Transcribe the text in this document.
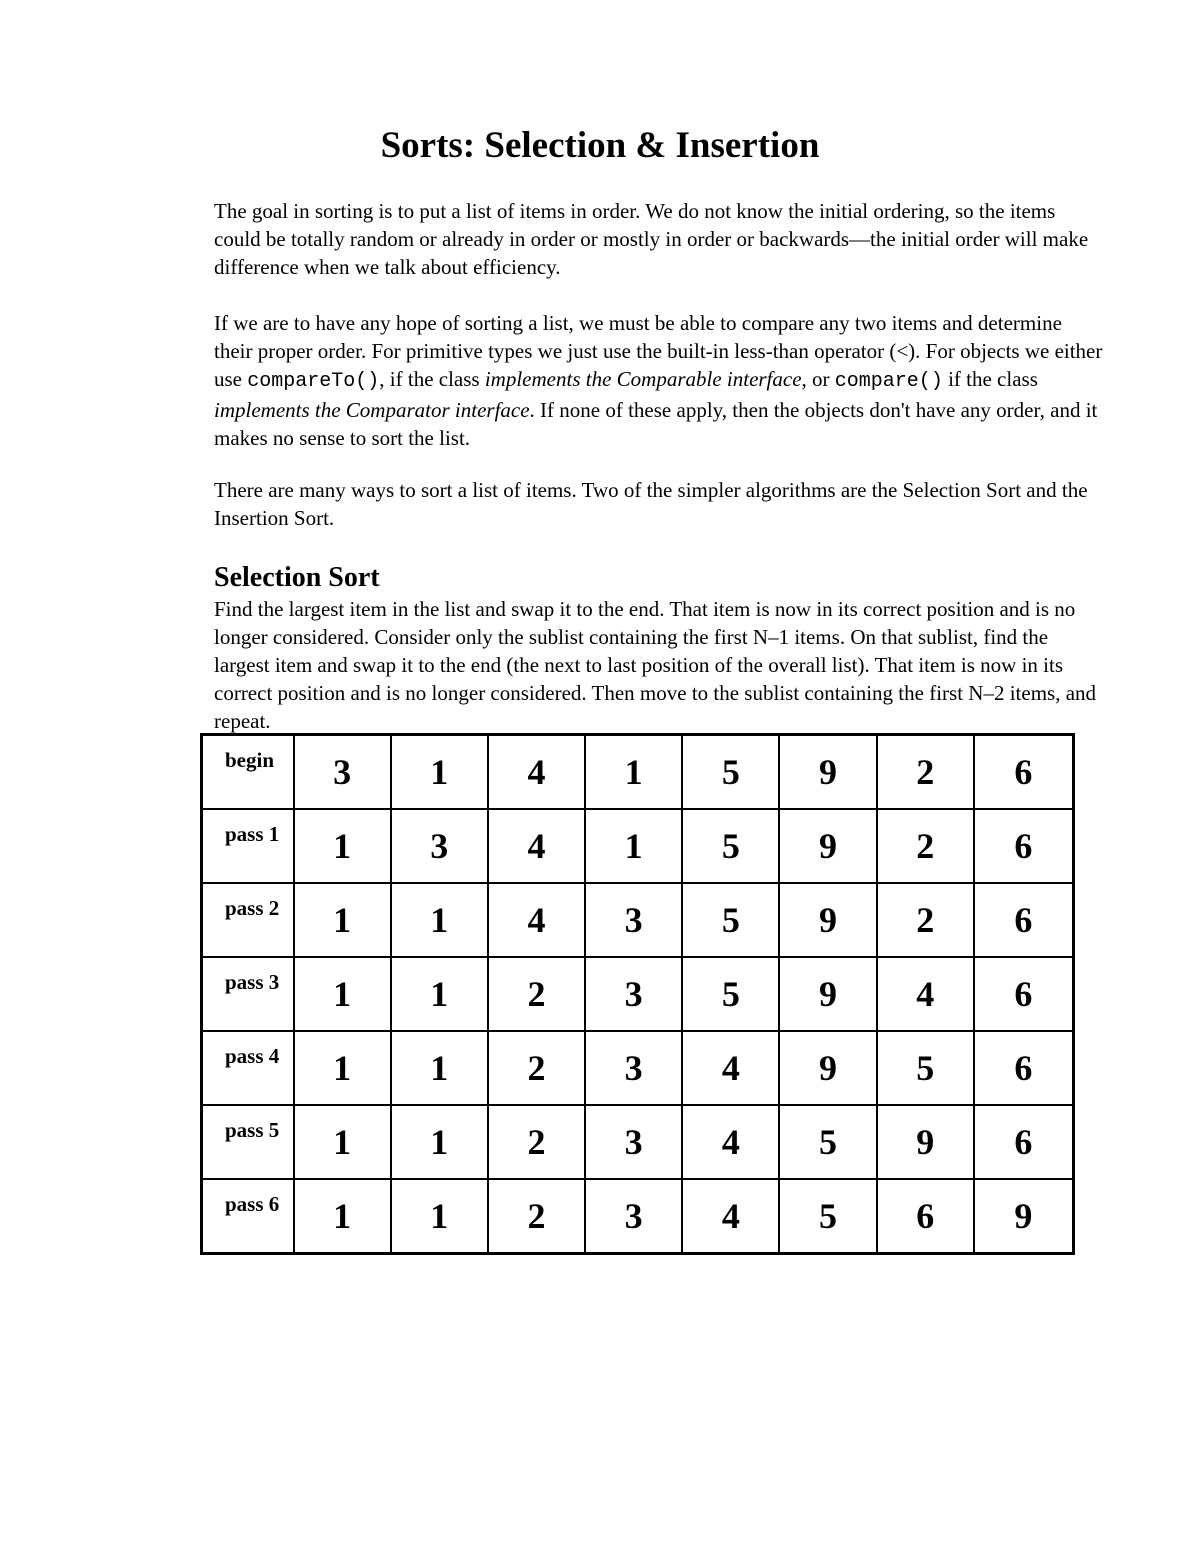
Sorts: Selection & Insertion

The goal in sorting is to put a list of items in order. We do not know the initial ordering, so the items could be totally random or already in order or mostly in order or backwards—the initial order will make difference when we talk about efficiency.

If we are to have any hope of sorting a list, we must be able to compare any two items and determine their proper order. For primitive types we just use the built-in less-than operator (<). For objects we either use compareTo(), if the class implements the Comparable interface, or compare() if the class implements the Comparator interface. If none of these apply, then the objects don't have any order, and it makes no sense to sort the list.

There are many ways to sort a list of items. Two of the simpler algorithms are the Selection Sort and the Insertion Sort.

Selection Sort

Find the largest item in the list and swap it to the end. That item is now in its correct position and is no longer considered. Consider only the sublist containing the first N–1 items. On that sublist, find the largest item and swap it to the end (the next to last position of the overall list). That item is now in its correct position and is no longer considered. Then move to the sublist containing the first N–2 items, and repeat.

begin	3	1	4	1	5	9	2	6
pass 1	1	3	4	1	5	9	2	6
pass 2	1	1	4	3	5	9	2	6
pass 3	1	1	2	3	5	9	4	6
pass 4	1	1	2	3	4	9	5	6
pass 5	1	1	2	3	4	5	9	6
pass 6	1	1	2	3	4	5	6	9
